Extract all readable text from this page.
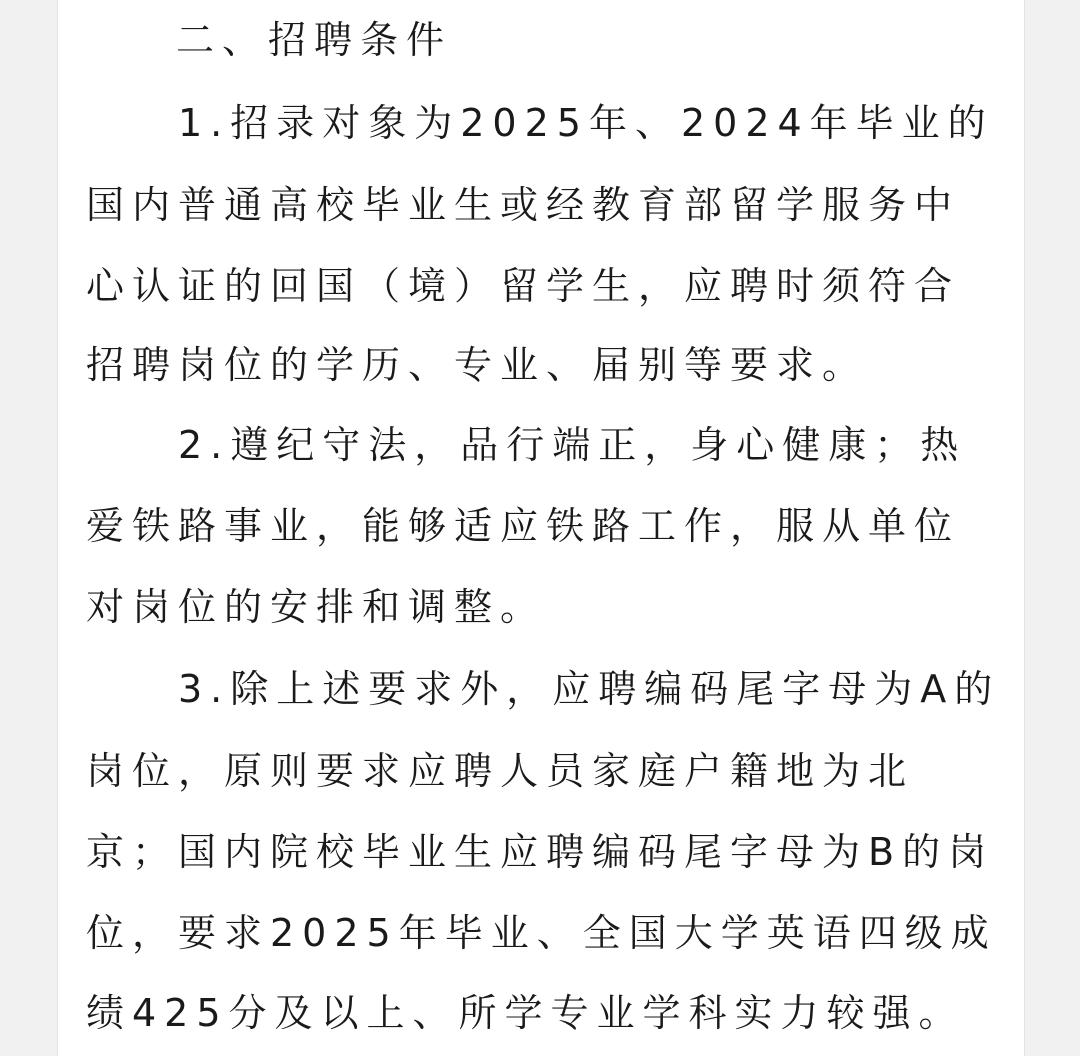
二、招聘条件
1.招录对象为2025年、2024年毕业的
国内普通高校毕业生或经教育部留学服务中
心认证的回国（境）留学生，应聘时须符合
招聘岗位的学历、专业、届别等要求。
2.遵纪守法，品行端正，身心健康；热
爱铁路事业，能够适应铁路工作，服从单位
对岗位的安排和调整。
3.除上述要求外，应聘编码尾字母为A的
岗位，原则要求应聘人员家庭户籍地为北
京；国内院校毕业生应聘编码尾字母为B的岗
位，要求2025年毕业、全国大学英语四级成
绩425分及以上、所学专业学科实力较强。
